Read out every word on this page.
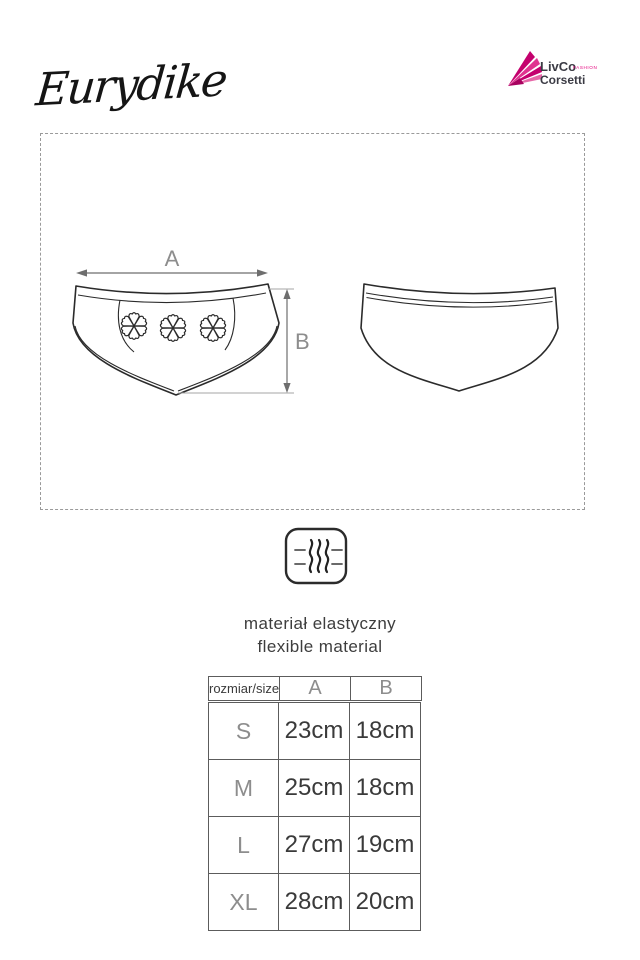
Eurydike	LivCo
FASHION
Corsetti
A
B
materiał elastyczny
flexible material
rozmiar/size	A	B
S	23cm	18cm
M	25cm	18cm
L	27cm	19cm
XL	28cm	20cm
